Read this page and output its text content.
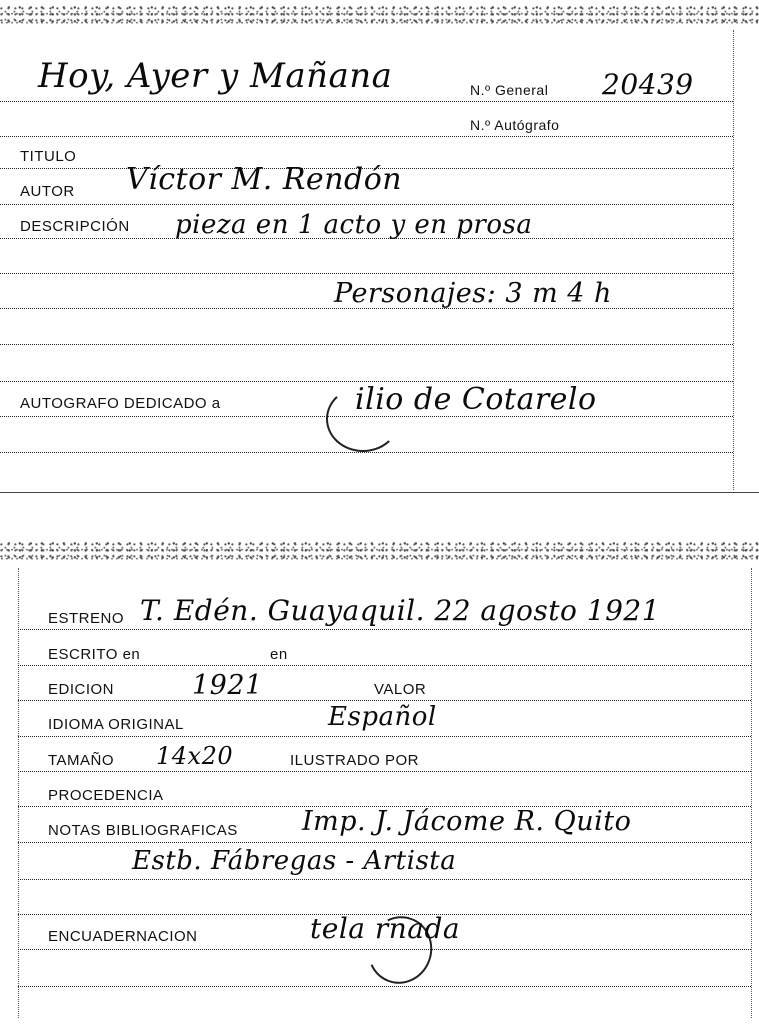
Hoy, Ayer y Mañana	N.º General 20439
N.º Autógrafo
TITULO
AUTOR Víctor M. Rendón
DESCRIPCIÓN pieza en 1 acto y en prosa
Personajes: 3 m 4 h
AUTOGRAFO DEDICADO a	ilio de Cotarelo
ESTRENO T. Edén. Guayaquil. 22 agosto 1921
ESCRITO en	en
EDICION	1921	VALOR
IDIOMA ORIGINAL	Español
TAMAÑO 14x20	ILUSTRADO POR
PROCEDENCIA
NOTAS BIBLIOGRAFICAS Imp. J. Jácome R. Quito
Estb. Fábregas - Artista
ENCUADERNACION	tela rnada
